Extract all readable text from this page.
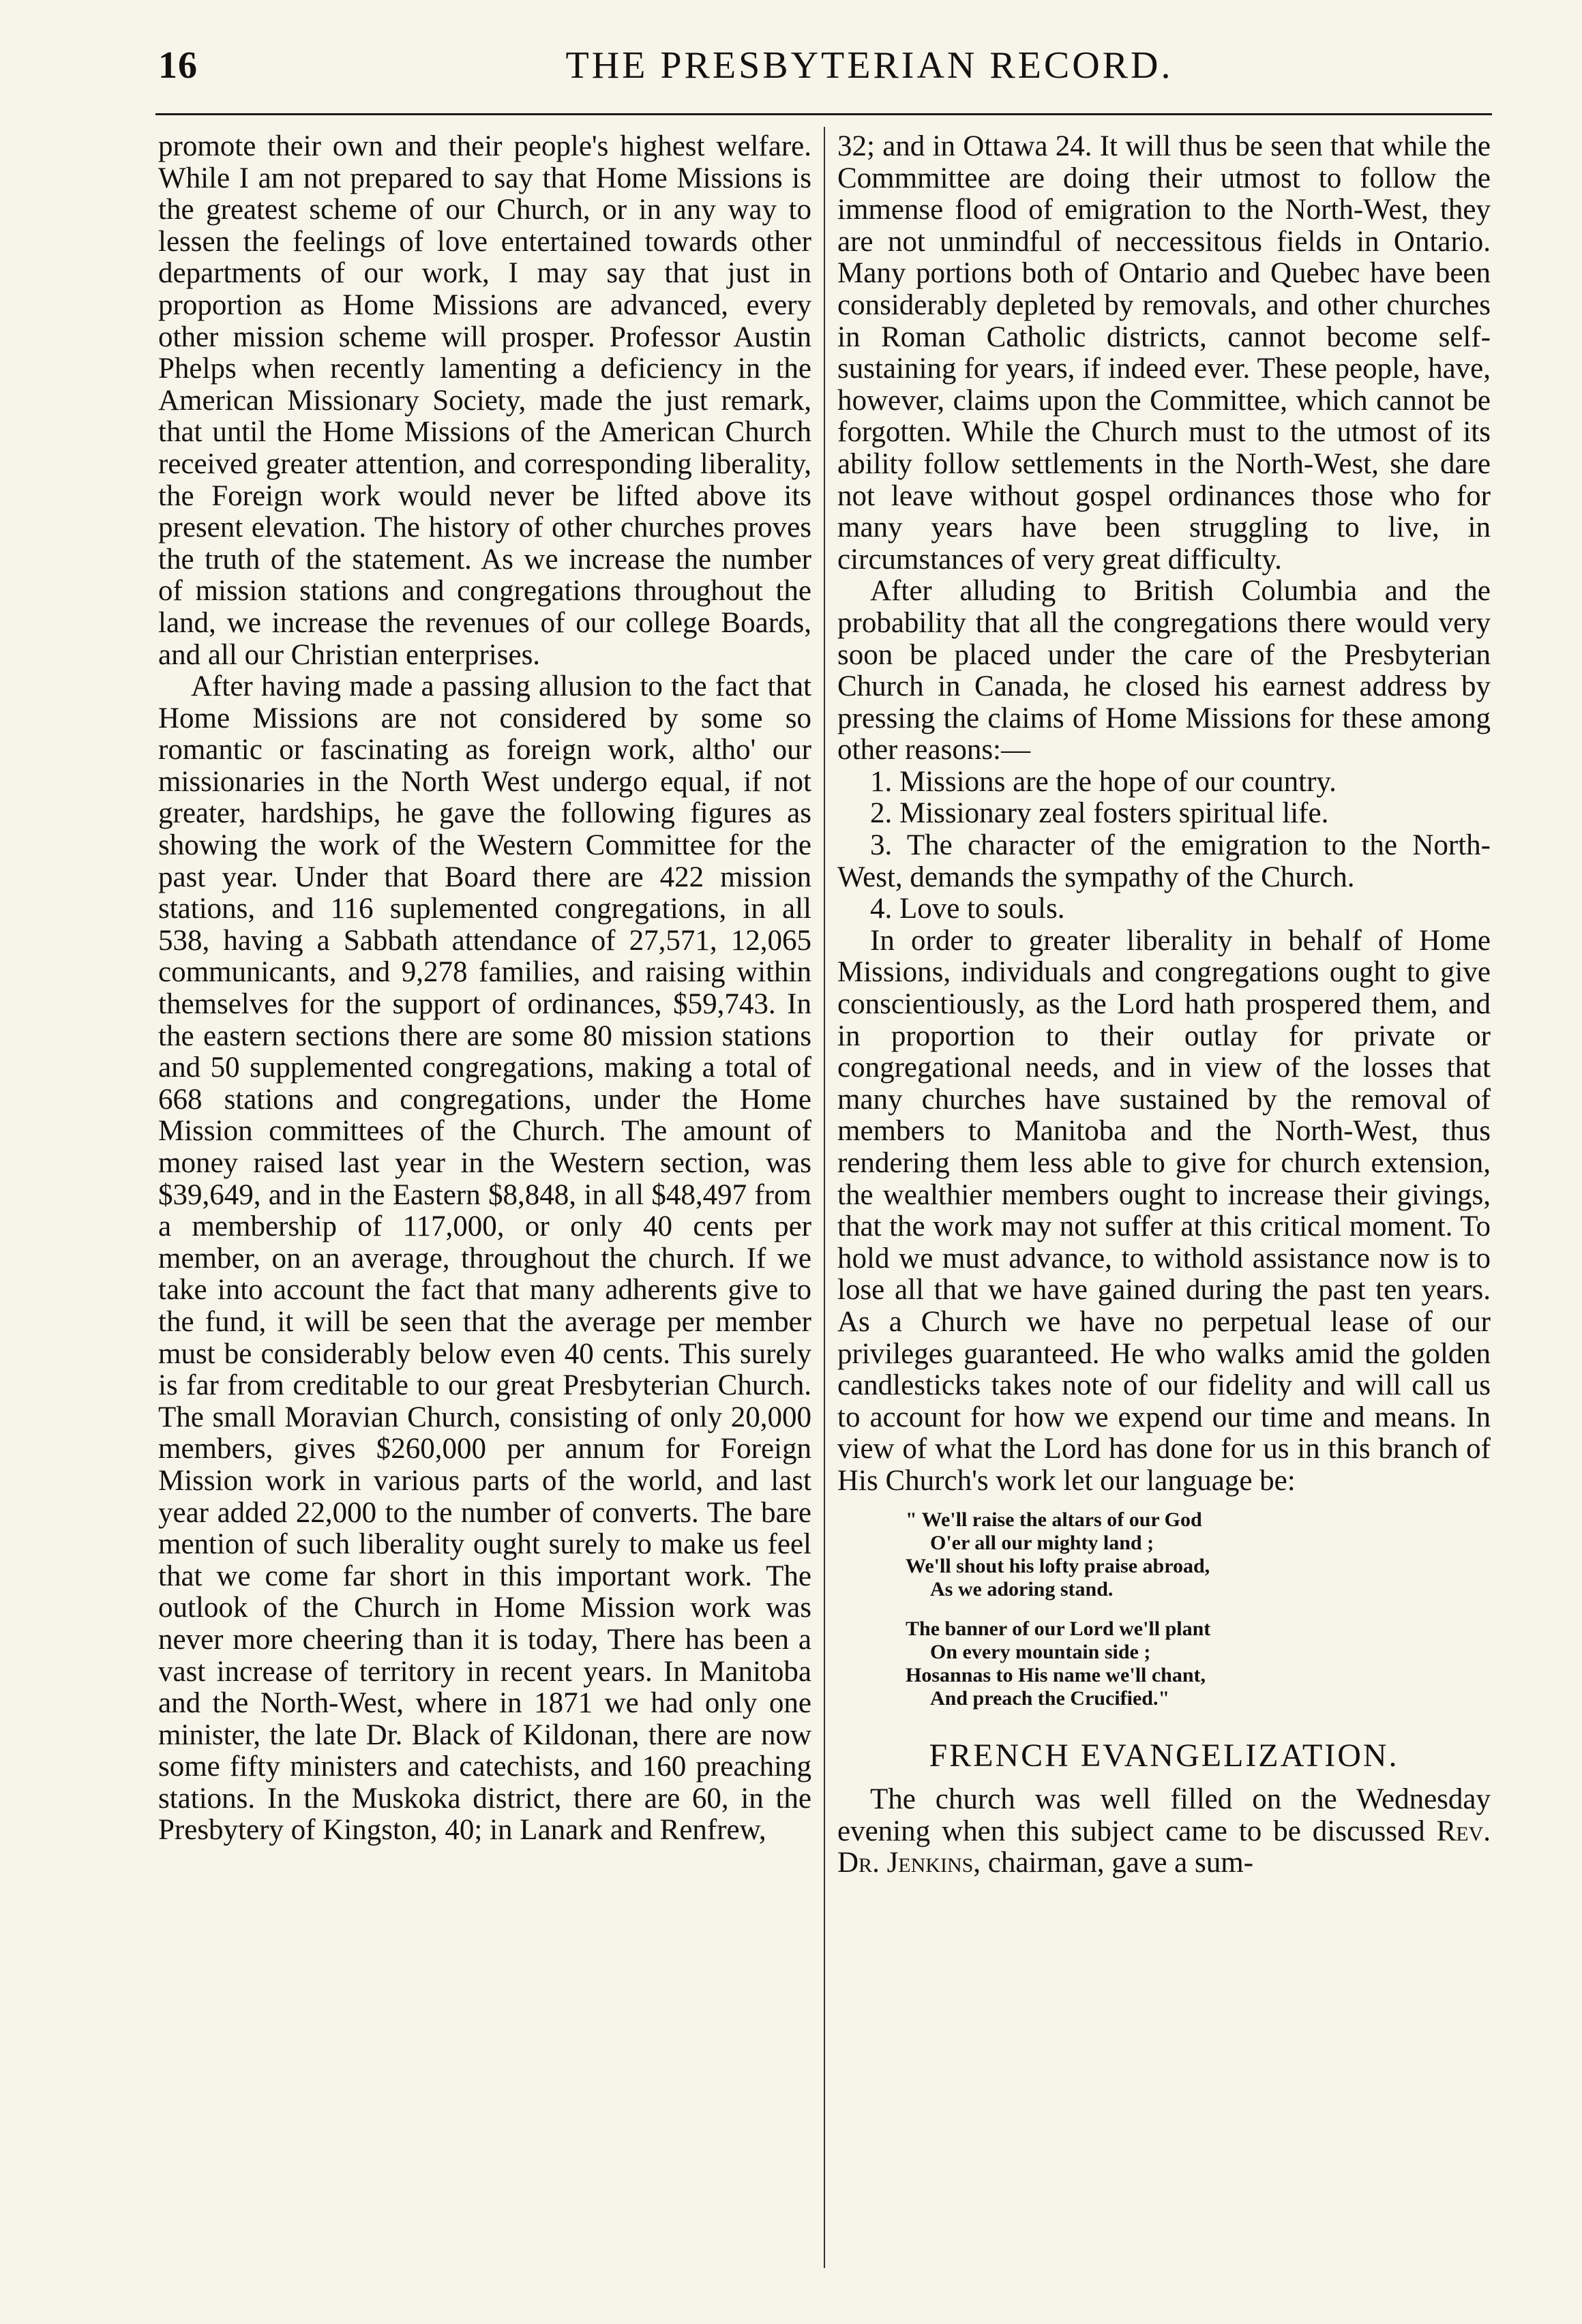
16	THE PRESBYTERIAN RECORD.

promote their own and their people's highest welfare. While I am not prepared to say that Home Missions is the greatest scheme of our Church, or in any way to lessen the feelings of love entertained towards other departments of our work, I may say that just in proportion as Home Missions are advanced, every other mission scheme will prosper. Professor Austin Phelps when recently lamenting a deficiency in the American Missionary Society, made the just remark, that until the Home Missions of the American Church received greater attention, and corresponding liberality, the Foreign work would never be lifted above its present elevation. The history of other churches proves the truth of the statement. As we increase the number of mission stations and congregations throughout the land, we increase the revenues of our college Boards, and all our Christian enterprises.

After having made a passing allusion to the fact that Home Missions are not considered by some so romantic or fascinating as foreign work, altho' our missionaries in the North West undergo equal, if not greater, hardships, he gave the following figures as showing the work of the Western Committee for the past year. Under that Board there are 422 mission stations, and 116 suplemented congregations, in all 538, having a Sabbath attendance of 27,571, 12,065 communicants, and 9,278 families, and raising within themselves for the support of ordinances, $59,743. In the eastern sections there are some 80 mission stations and 50 supplemented congregations, making a total of 668 stations and congregations, under the Home Mission committees of the Church. The amount of money raised last year in the Western section, was $39,649, and in the Eastern $8,848, in all $48,497 from a membership of 117,000, or only 40 cents per member, on an average, throughout the church. If we take into account the fact that many adherents give to the fund, it will be seen that the average per member must be considerably below even 40 cents. This surely is far from creditable to our great Presbyterian Church. The small Moravian Church, consisting of only 20,000 members, gives $260,000 per annum for Foreign Mission work in various parts of the world, and last year added 22,000 to the number of converts. The bare mention of such liberality ought surely to make us feel that we come far short in this important work. The outlook of the Church in Home Mission work was never more cheering than it is today, There has been a vast increase of territory in recent years. In Manitoba and the North-West, where in 1871 we had only one minister, the late Dr. Black of Kildonan, there are now some fifty ministers and catechists, and 160 preaching stations. In the Muskoka district, there are 60, in the Presbytery of Kingston, 40; in Lanark and Renfrew,

32; and in Ottawa 24. It will thus be seen that while the Commmittee are doing their utmost to follow the immense flood of emigration to the North-West, they are not unmindful of neccessitous fields in Ontario. Many portions both of Ontario and Quebec have been considerably depleted by removals, and other churches in Roman Catholic districts, cannot become self-sustaining for years, if indeed ever. These people, have, however, claims upon the Committee, which cannot be forgotten. While the Church must to the utmost of its ability follow settlements in the North-West, she dare not leave without gospel ordinances those who for many years have been struggling to live, in circumstances of very great difficulty.

After alluding to British Columbia and the probability that all the congregations there would very soon be placed under the care of the Presbyterian Church in Canada, he closed his earnest address by pressing the claims of Home Missions for these among other reasons:—

1. Missions are the hope of our country.

2. Missionary zeal fosters spiritual life.

3. The character of the emigration to the North-West, demands the sympathy of the Church.

4. Love to souls.

In order to greater liberality in behalf of Home Missions, individuals and congregations ought to give conscientiously, as the Lord hath prospered them, and in proportion to their outlay for private or congregational needs, and in view of the losses that many churches have sustained by the removal of members to Manitoba and the North-West, thus rendering them less able to give for church extension, the wealthier members ought to increase their givings, that the work may not suffer at this critical moment. To hold we must advance, to withold assistance now is to lose all that we have gained during the past ten years. As a Church we have no perpetual lease of our privileges guaranteed. He who walks amid the golden candlesticks takes note of our fidelity and will call us to account for how we expend our time and means. In view of what the Lord has done for us in this branch of His Church's work let our language be:

" We'll raise the altars of our God
O'er all our mighty land ;
We'll shout his lofty praise abroad,
As we adoring stand.
The banner of our Lord we'll plant
On every mountain side ;
Hosannas to His name we'll chant,
And preach the Crucified."
FRENCH EVANGELIZATION.

The church was well filled on the Wednesday evening when this subject came to be discussed Rev. Dr. Jenkins, chairman, gave a sum-
